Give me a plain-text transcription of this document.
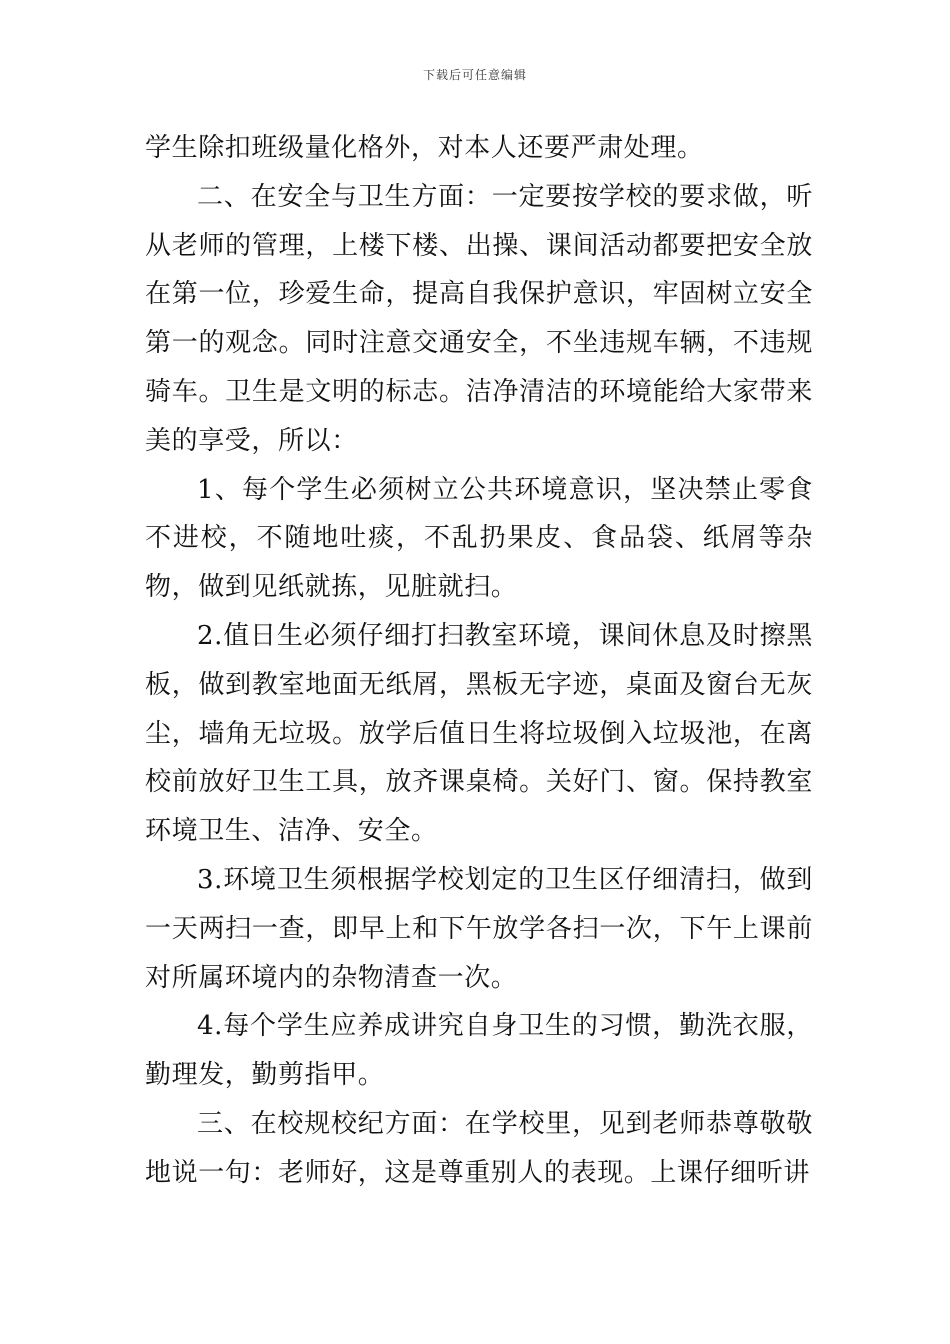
下载后可任意编辑

学生除扣班级量化格外，对本人还要严肃处理。

二、在安全与卫生方面：一定要按学校的要求做，听从老师的管理，上楼下楼、出操、课间活动都要把安全放在第一位，珍爱生命，提高自我保护意识，牢固树立安全第一的观念。同时注意交通安全，不坐违规车辆，不违规骑车。卫生是文明的标志。洁净清洁的环境能给大家带来美的享受，所以：

1、每个学生必须树立公共环境意识，坚决禁止零食不进校，不随地吐痰，不乱扔果皮、食品袋、纸屑等杂物，做到见纸就拣，见脏就扫。

2.值日生必须仔细打扫教室环境，课间休息及时擦黑板，做到教室地面无纸屑，黑板无字迹，桌面及窗台无灰尘，墙角无垃圾。放学后值日生将垃圾倒入垃圾池，在离校前放好卫生工具，放齐课桌椅。关好门、窗。保持教室环境卫生、洁净、安全。

3.环境卫生须根据学校划定的卫生区仔细清扫，做到一天两扫一查，即早上和下午放学各扫一次，下午上课前对所属环境内的杂物清查一次。

4.每个学生应养成讲究自身卫生的习惯，勤洗衣服，勤理发，勤剪指甲。

三、在校规校纪方面：在学校里，见到老师恭尊敬敬地说一句：老师好，这是尊重别人的表现。上课仔细听讲
